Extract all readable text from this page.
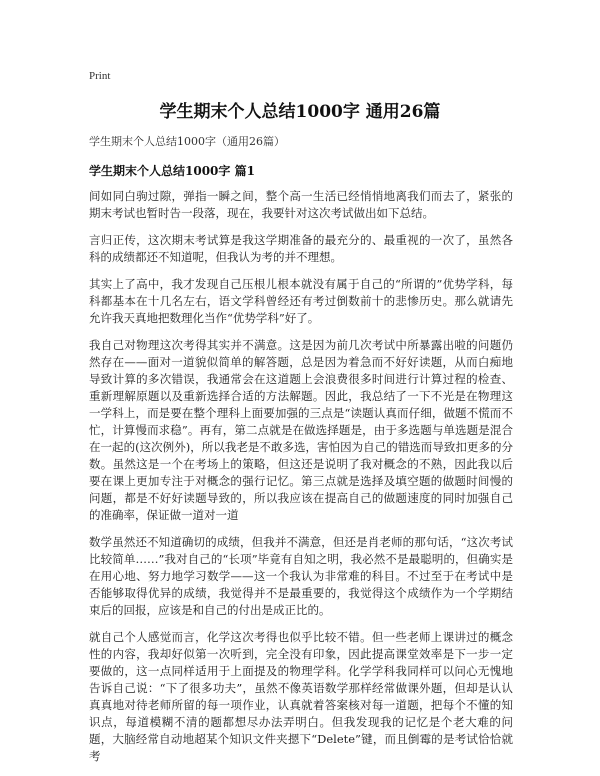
Print
学生期末个人总结1000字 通用26篇
学生期末个人总结1000字（通用26篇）
学生期末个人总结1000字 篇1

间如同白驹过隙，弹指一瞬之间，整个高一生活已经悄悄地离我们而去了，紧张的期末考试也暂时告一段落，现在，我要针对这次考试做出如下总结。

言归正传，这次期末考试算是我这学期准备的最充分的、最重视的一次了，虽然各科的成绩都还不知道呢，但我认为考的并不理想。

其实上了高中，我才发现自己压根儿根本就没有属于自己的“所谓的”优势学科，每科都基本在十几名左右，语文学科曾经还有考过倒数前十的悲惨历史。那么就请先允许我天真地把数理化当作“优势学科”好了。

我自己对物理这次考得其实并不满意。这是因为前几次考试中所暴露出啦的问题仍然存在——面对一道貌似简单的解答题，总是因为着急而不好好读题，从而白痴地导致计算的多次错误，我通常会在这道题上会浪费很多时间进行计算过程的检查、重新理解原题以及重新选择合适的方法解题。因此，我总结了一下不光是在物理这一学科上，而是要在整个理科上面要加强的三点是“读题认真而仔细，做题不慌而不忙，计算慢而求稳”。再有，第二点就是在做选择题是，由于多选题与单选题是混合在一起的(这次例外)，所以我老是不敢多选，害怕因为自己的错选而导致扣更多的分数。虽然这是一个在考场上的策略，但这还是说明了我对概念的不熟，因此我以后要在课上更加专注于对概念的强行记忆。第三点就是选择及填空题的做题时间慢的问题，都是不好好读题导致的，所以我应该在提高自己的做题速度的同时加强自己的准确率，保证做一道对一道

数学虽然还不知道确切的成绩，但我并不满意，但还是肖老师的那句话，“这次考试比较简单……”我对自己的“长项”毕竟有自知之明，我必然不是最聪明的，但确实是在用心地、努力地学习数学——这一个我认为非常难的科目。不过至于在考试中是否能够取得优异的成绩，我觉得并不是最重要的，我觉得这个成绩作为一个学期结束后的回报，应该是和自己的付出是成正比的。

就自己个人感觉而言，化学这次考得也似乎比较不错。但一些老师上课讲过的概念性的内容，我却好似第一次听到，完全没有印象，因此提高课堂效率是下一步一定要做的，这一点同样适用于上面提及的物理学科。化学学科我同样可以问心无愧地告诉自己说：“下了很多功夫”，虽然不像英语数学那样经常做课外题，但却是认认真真地对待老师所留的每一项作业，认真就着答案核对每一道题，把每个不懂的知识点，每道模糊不清的题都想尽办法弄明白。但我发现我的记忆是个老大难的问题，大脑经常自动地超某个知识文件夹摁下“Delete”键，而且倒霉的是考试恰恰就考
